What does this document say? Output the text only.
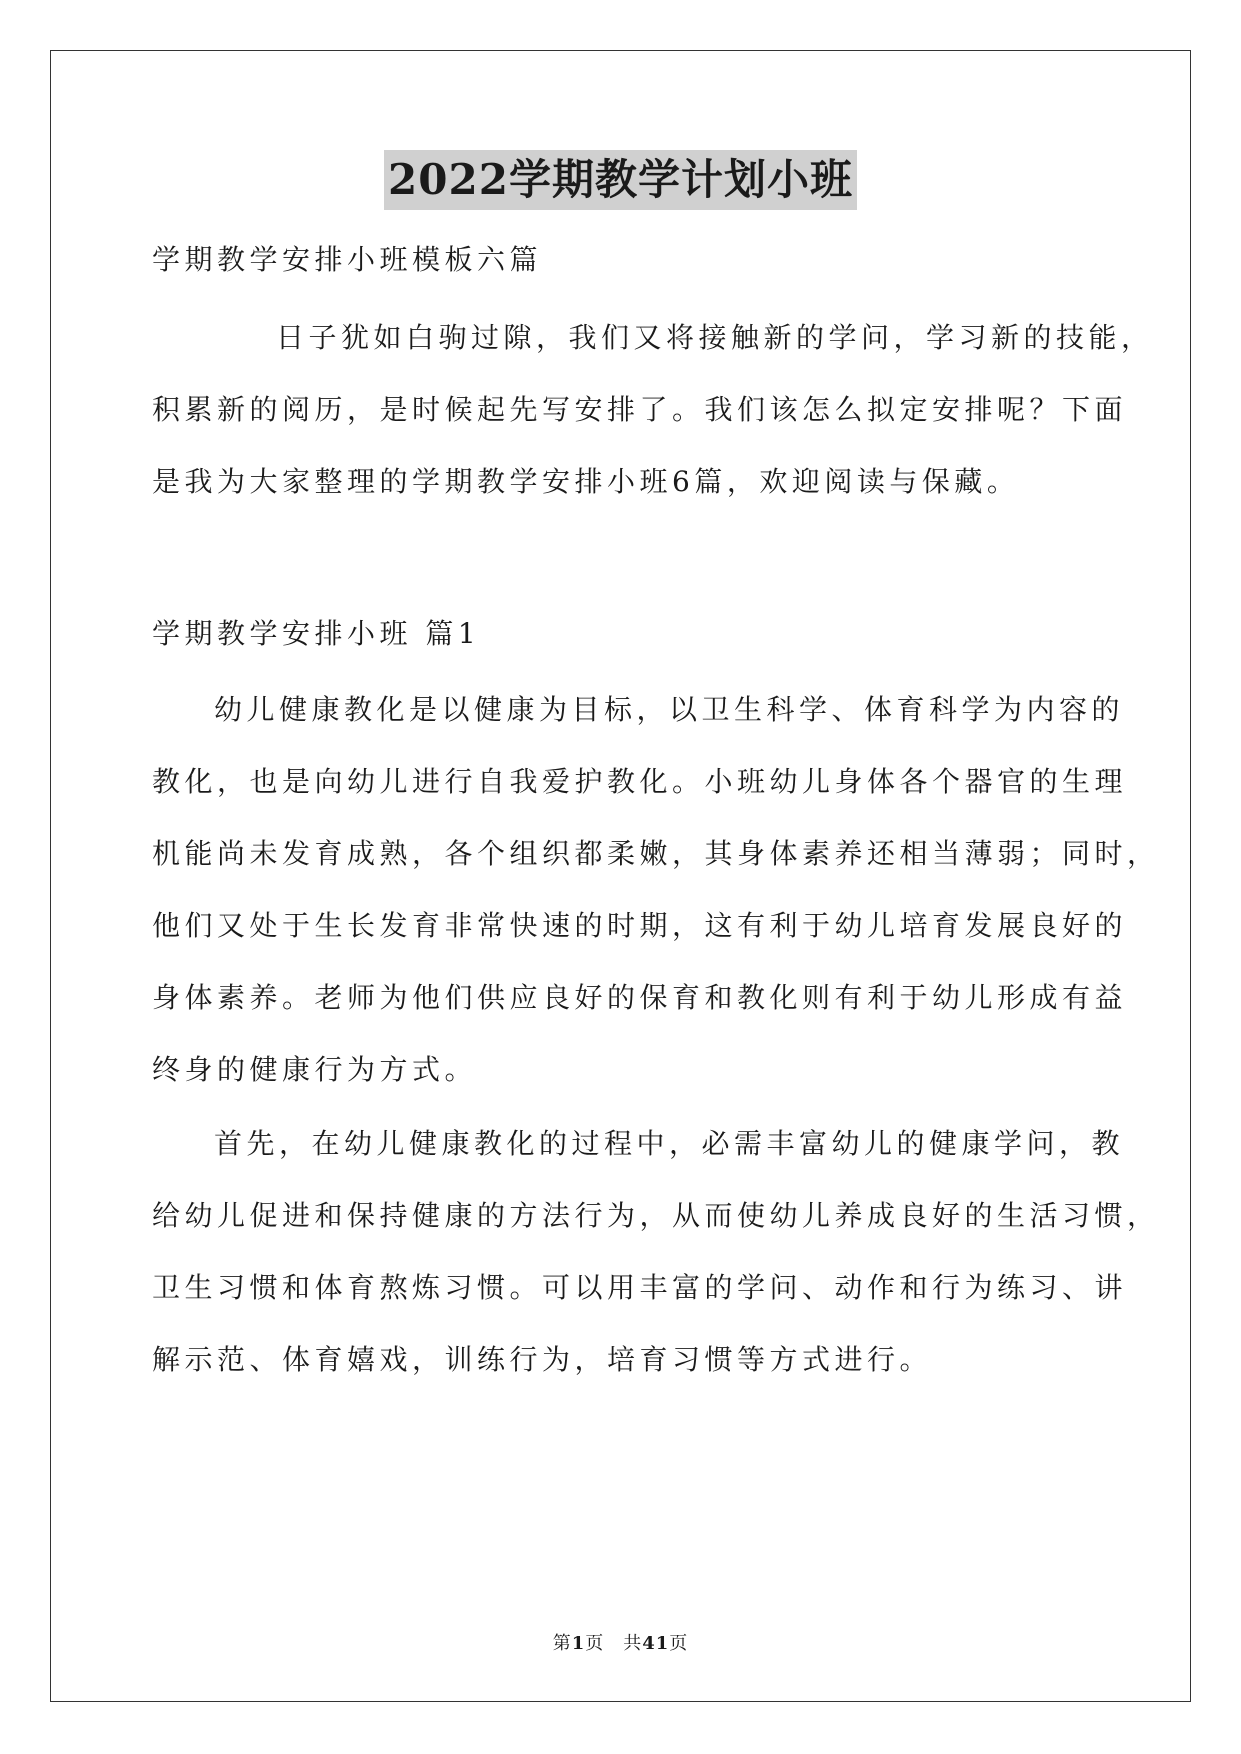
2022学期教学计划小班
学期教学安排小班模板六篇
日子犹如白驹过隙，我们又将接触新的学问，学习新的技能，
积累新的阅历，是时候起先写安排了。我们该怎么拟定安排呢？下面
是我为大家整理的学期教学安排小班6篇，欢迎阅读与保藏。
学期教学安排小班 篇1
幼儿健康教化是以健康为目标，以卫生科学、体育科学为内容的
教化，也是向幼儿进行自我爱护教化。小班幼儿身体各个器官的生理
机能尚未发育成熟，各个组织都柔嫩，其身体素养还相当薄弱；同时，
他们又处于生长发育非常快速的时期，这有利于幼儿培育发展良好的
身体素养。老师为他们供应良好的保育和教化则有利于幼儿形成有益
终身的健康行为方式。
首先，在幼儿健康教化的过程中，必需丰富幼儿的健康学问，教
给幼儿促进和保持健康的方法行为，从而使幼儿养成良好的生活习惯，
卫生习惯和体育熬炼习惯。可以用丰富的学问、动作和行为练习、讲
解示范、体育嬉戏，训练行为，培育习惯等方式进行。
第1页　共41页
